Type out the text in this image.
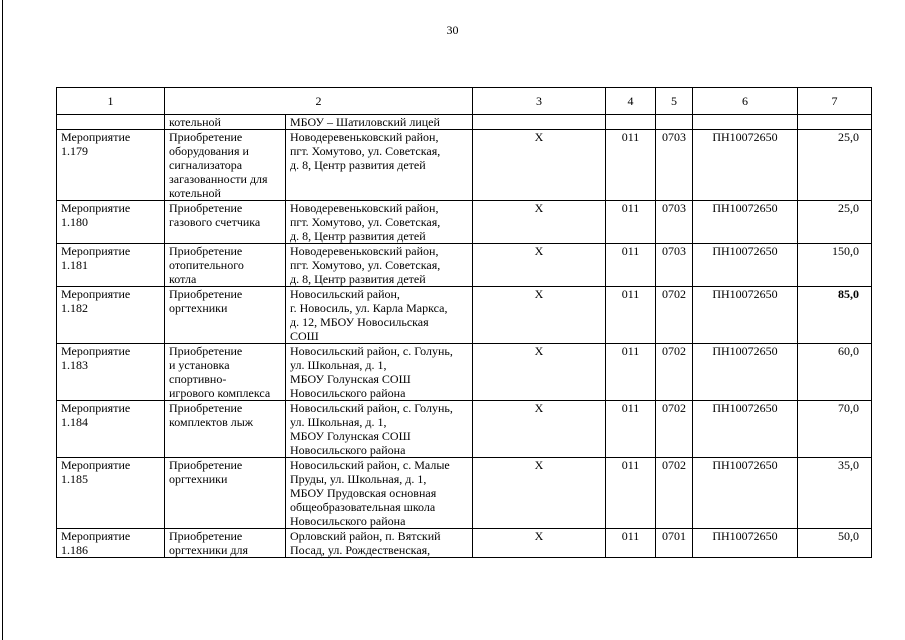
30
1	2		3	4	5	6	7
	котельной	МБОУ – Шатиловский лицей					

Мероприятие
1.179	Приобретение
оборудования и
сигнализатора
загазованности для
котельной	Новодеревеньковский район,
пгт. Хомутово, ул. Советская,
д. 8, Центр развития детей	X	011	0703	ПН10072650	25,0

Мероприятие
1.180	Приобретение
газового счетчика	Новодеревеньковский район,
пгт. Хомутово, ул. Советская,
д. 8, Центр развития детей	X	011	0703	ПН10072650	25,0

Мероприятие
1.181	Приобретение
отопительного
котла	Новодеревеньковский район,
пгт. Хомутово, ул. Советская,
д. 8, Центр развития детей	X	011	0703	ПН10072650	150,0

Мероприятие
1.182	Приобретение
оргтехники	Новосильский район,
г. Новосиль, ул. Карла Маркса,
д. 12, МБОУ Новосильская
СОШ	X	011	0702	ПН10072650	85,0

Мероприятие
1.183	Приобретение
и установка
спортивно-
игрового комплекса	Новосильский район, с. Голунь,
ул. Школьная, д. 1,
МБОУ Голунская СОШ
Новосильского района	X	011	0702	ПН10072650	60,0

Мероприятие
1.184	Приобретение
комплектов лыж	Новосильский район, с. Голунь,
ул. Школьная, д. 1,
МБОУ Голунская СОШ
Новосильского района	X	011	0702	ПН10072650	70,0

Мероприятие
1.185	Приобретение
оргтехники	Новосильский район, с. Малые
Пруды, ул. Школьная, д. 1,
МБОУ Прудовская основная
общеобразовательная школа
Новосильского района	X	011	0702	ПН10072650	35,0

Мероприятие
1.186	Приобретение
оргтехники для	Орловский район, п. Вятский
Посад, ул. Рождественская,	X	011	0701	ПН10072650	50,0
